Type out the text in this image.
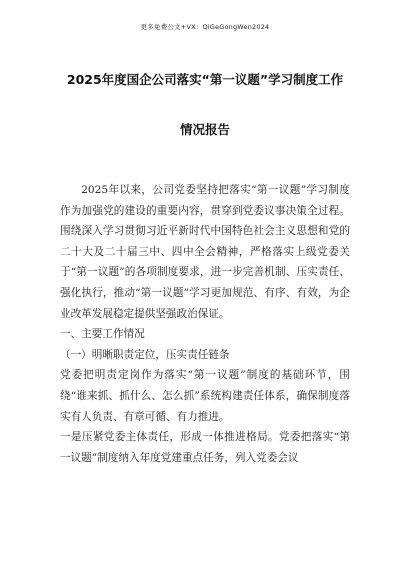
更多免费公文+VX：QiGeGongWen2024
2025年度国企公司落实“第一议题”学习制度工作
情况报告

2025年以来，公司党委坚持把落实“第一议题”学习制度作为加强党的建设的重要内容，贯穿到党委议事决策全过程。围绕深入学习贯彻习近平新时代中国特色社会主义思想和党的二十大及二十届三中、四中全会精神，严格落实上级党委关于“第一议题”的各项制度要求，进一步完善机制、压实责任、强化执行，推动“第一议题”学习更加规范、有序、有效，为企业改革发展稳定提供坚强政治保证。

一、主要工作情况

（一）明晰职责定位，压实责任链条

党委把明责定岗作为落实“第一议题”制度的基础环节，围绕“谁来抓、抓什么、怎么抓”系统构建责任体系，确保制度落实有人负责、有章可循、有力推进。

一是压紧党委主体责任，形成一体推进格局。党委把落实“第一议题”制度纳入年度党建重点任务，列入党委会议
